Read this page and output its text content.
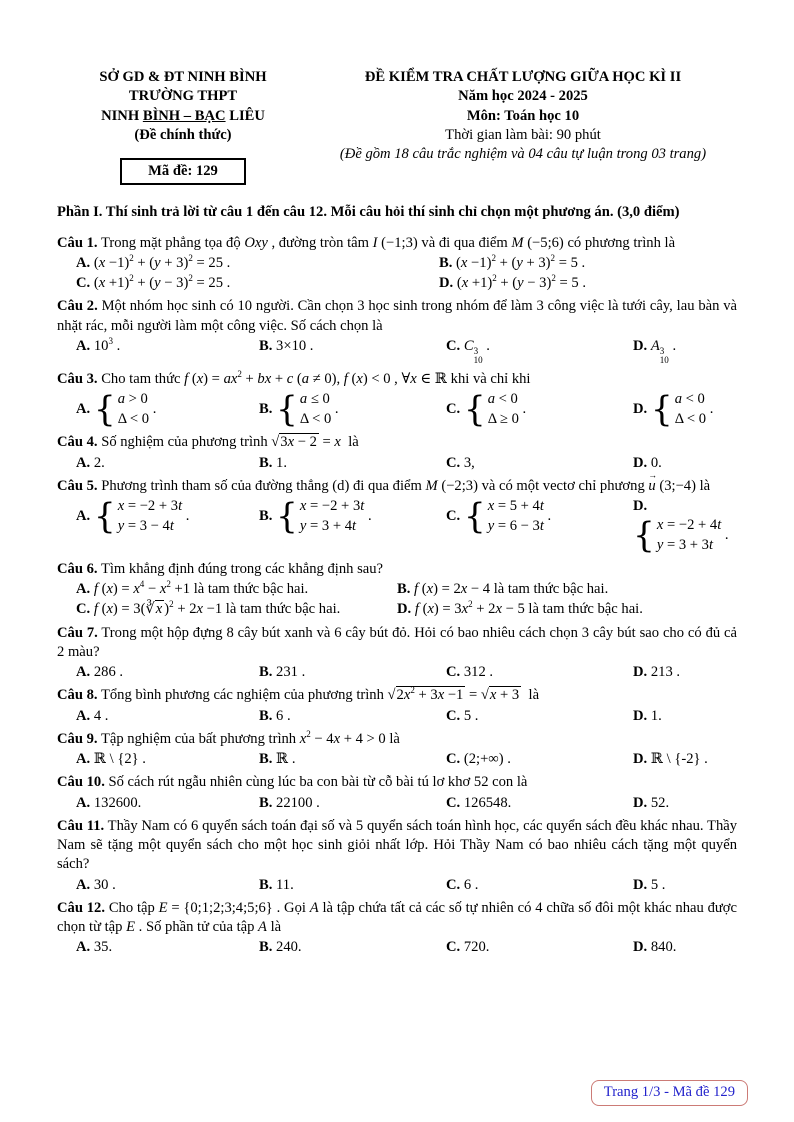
SỞ GD & ĐT NINH BÌNH
TRƯỜNG THPT
NINH BÌNH – BẠC LIÊU
(Đề chính thức)
Mã đề: 129
ĐỀ KIỂM TRA CHẤT LƯỢNG GIỮA HỌC KÌ II
Năm học 2024 - 2025
Môn: Toán học 10
Thời gian làm bài: 90 phút
(Đề gồm 18 câu trắc nghiệm và 04 câu tự luận trong 03 trang)
Phần I. Thí sinh trả lời từ câu 1 đến câu 12. Mỗi câu hỏi thí sinh chỉ chọn một phương án. (3,0 điểm)
Câu 1. Trong mặt phẳng tọa độ Oxy , đường tròn tâm I (−1;3) và đi qua điểm M (−5;6) có phương trình là
A. $(x -1)^2 + (y + 3)^2 = 25$ .	B. $(x -1)^2 + (y + 3)^2 = 5$ .
C. $(x +1)^2 + (y - 3)^2 = 25$ .	D. $(x +1)^2 + (y - 3)^2 = 5$ .
Câu 2. Một nhóm học sinh có 10 người. Cần chọn 3 học sinh trong nhóm để làm 3 công việc là tưới cây, lau bàn và nhặt rác, mỗi người làm một công việc. Số cách chọn là
A. $10^3$ .	B. 3×10 .	C. C 3
10
.	D. A 3
10
.
Câu 3. Cho tam thức f $(x) = ax^2$ + bx + c (a ≠ 0), f (x) < 0 , ∀x ∈ ℝ khi và chỉ khi
A. { a > 0
Δ < 0
.	B. { a ≤ 0
Δ < 0
.	C. { a < 0
Δ ≥ 0
.	D. { a < 0
Δ < 0
.
Câu 4. Số nghiệm của phương trình √3x − 2 = x  là
A. 2.	B. 1.	C. 3,	D. 0.
Câu 5. Phương trình tham số của đường thẳng (d) đi qua điểm M (−2;3) và có một vectơ chỉ phương → u (3;−4) là
A. { x = −2 + 3t
y = 3 − 4t
.	B. { x = −2 + 3t
y = 3 + 4t
.	C. { x = 5 + 4t
y = 6 − 3t
.
D.
{ x = −2 + 4t
y = 3 + 3t
.
Câu 6. Tìm khẳng định đúng trong các khẳng định sau?
A. f $(x) = x^4 - x^2 +1$ là tam thức bậc hai.	B. f (x) = 2x − 4 là tam thức bậc hai.
C. f (x) = 3(∛x )$^2$ + 2x −1 là tam thức bậc hai.	D. f $(x) = 3x^2 + 2x - 5$ là tam thức bậc hai.
Câu 7. Trong một hộp đựng 8 cây bút xanh và 6 cây bút đỏ. Hỏi có bao nhiêu cách chọn 3 cây bút sao cho có đủ cả 2 màu?
A. 286 .	B. 231 .	C. 312 .	D. 213 .
Câu 8. Tổng bình phương các nghiệm của phương trình $√2x^2 + 3x -1 = √x + 3$  là
A. 4 .	B. 6 .	C. 5 .	D. 1.
Câu 9. Tập nghiệm của bất phương trình $x^2 - 4x + 4 > 0$ là
A. ℝ \ {2} .	B. ℝ .	C. (2;+∞) .	D. ℝ \ {-2} .
Câu 10. Số cách rút ngẫu nhiên cùng lúc ba con bài từ cỗ bài tú lơ khơ 52 con là
A. 132600.	B. 22100 .	C. 126548.	D. 52.
Câu 11. Thầy Nam có 6 quyển sách toán đại số và 5 quyển sách toán hình học, các quyển sách đều khác nhau. Thầy Nam sẽ tặng một quyển sách cho một học sinh giỏi nhất lớp. Hỏi Thầy Nam có bao nhiêu cách tặng một quyển sách?
A. 30 .	B. 11.	C. 6 .	D. 5 .
Câu 12. Cho tập E = {0;1;2;3;4;5;6} . Gọi A là tập chứa tất cả các số tự nhiên có 4 chữa số đôi một khác nhau được chọn từ tập E . Số phần tử của tập A là
A. 35.	B. 240.	C. 720.	D. 840.
Trang 1/3 - Mã đề 129
